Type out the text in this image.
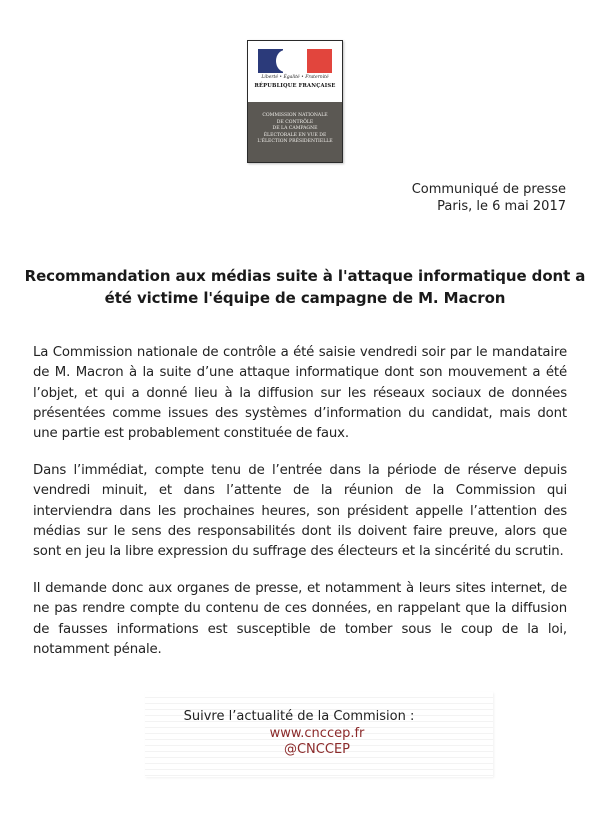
Liberté • Égalité • Fraternité
RÉPUBLIQUE FRANÇAISE
COMMISSION NATIONALE
DE CONTRÔLE
DE LA CAMPAGNE
ÉLECTORALE EN VUE DE
L'ÉLECTION PRÉSIDENTIELLE
Communiqué de presse
Paris, le 6 mai 2017
Recommandation aux médias suite à l'attaque informatique dont a été victime l'équipe de campagne de M. Macron

La Commission nationale de contrôle a été saisie vendredi soir par le mandataire de M. Macron à la suite d’une attaque informatique dont son mouvement a été l’objet, et qui a donné lieu à la diffusion sur les réseaux sociaux de données présentées comme issues des systèmes d’information du candidat, mais dont une partie est probablement constituée de faux.

Dans l’immédiat, compte tenu de l’entrée dans la période de réserve depuis vendredi minuit, et dans l’attente de la réunion de la Commission qui interviendra dans les prochaines heures, son président appelle l’attention des médias sur le sens des responsabilités dont ils doivent faire preuve, alors que sont en jeu la libre expression du suffrage des électeurs et la sincérité du scrutin.

Il demande donc aux organes de presse, et notamment à leurs sites internet, de ne pas rendre compte du contenu de ces données, en rappelant que la diffusion de fausses informations est susceptible de tomber sous le coup de la loi, notamment pénale.

Suivre l’actualité de la Commision :
www.cnccep.fr
@CNCCEP
